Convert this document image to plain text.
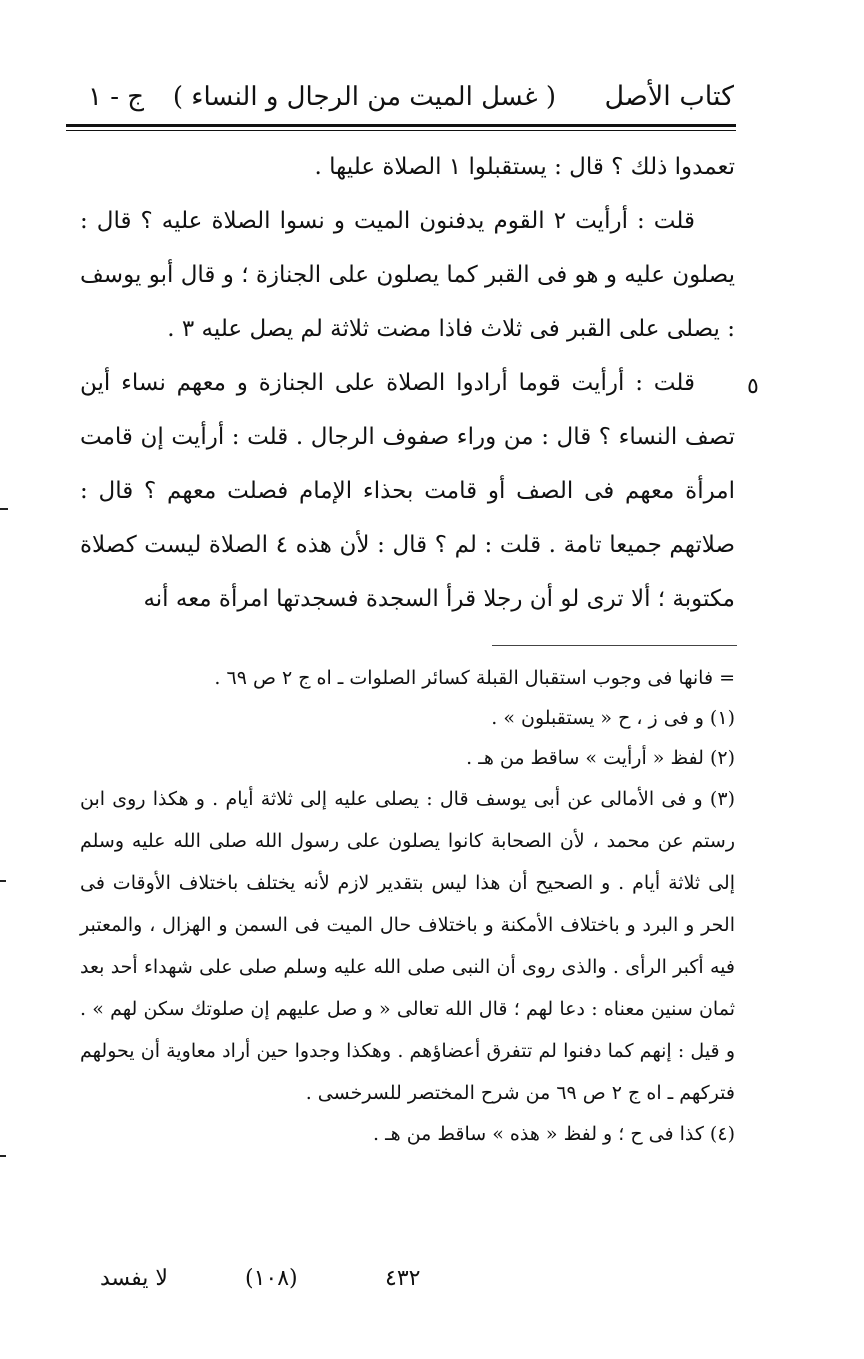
كتاب الأصل
( غسل الميت من الرجال و النساء )
ج - ١

تعمدوا ذلك ؟ قال : يستقبلوا ١ الصلاة عليها .

قلت : أرأيت ٢ القوم يدفنون الميت و نسوا الصلاة عليه ؟ قال : يصلون عليه و هو فى القبر كما يصلون على الجنازة ؛ و قال أبو يوسف : يصلى على القبر فى ثلاث فاذا مضت ثلاثة لم يصل عليه ٣ .

قلت : أرأيت قوما أرادوا الصلاة على الجنازة و معهم نساء أين تصف النساء ؟ قال : من وراء صفوف الرجال . قلت : أرأيت إن قامت امرأة معهم فى الصف أو قامت بحذاء الإمام فصلت معهم ؟ قال : صلاتهم جميعا تامة . قلت : لم ؟ قال : لأن هذه ٤ الصلاة ليست كصلاة مكتوبة ؛ ألا ترى لو أن رجلا قرأ السجدة فسجدتها امرأة معه أنه

٥

= فانها فى وجوب استقبال القبلة كسائر الصلوات ـ اه ج ٢ ص ٦٩ .

(١) و فى ز ، ح « يستقبلون » .

(٢) لفظ « أرأيت » ساقط من هـ .

(٣) و فى الأمالى عن أبى يوسف قال : يصلى عليه إلى ثلاثة أيام . و هكذا روى ابن رستم عن محمد ، لأن الصحابة كانوا يصلون على رسول الله صلى الله عليه وسلم إلى ثلاثة أيام . و الصحيح أن هذا ليس بتقدير لازم لأنه يختلف باختلاف الأوقات فى الحر و البرد و باختلاف الأمكنة و باختلاف حال الميت فى السمن و الهزال ، والمعتبر فيه أكبر الرأى . والذى روى أن النبى صلى الله عليه وسلم صلى على شهداء أحد بعد ثمان سنين معناه : دعا لهم ؛ قال الله تعالى « و صل عليهم إن صلوتك سكن لهم » . و قيل : إنهم كما دفنوا لم تتفرق أعضاؤهم . وهكذا وجدوا حين أراد معاوية أن يحولهم فتركهم ـ اه ج ٢ ص ٦٩ من شرح المختصر للسرخسى .

(٤) كذا فى ح ؛ و لفظ « هذه » ساقط من هـ .

لا يفسد	(١٠٨)	٤٣٢
